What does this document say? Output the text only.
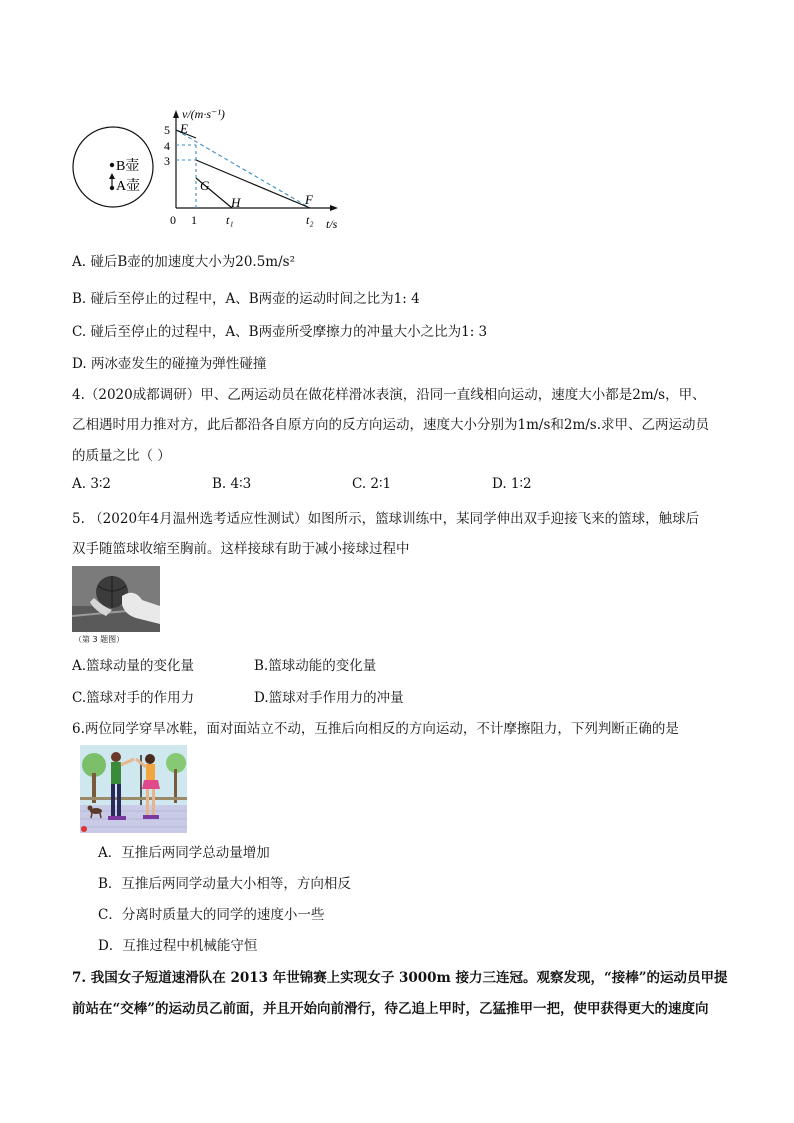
B壶
A壶
v/(m·s⁻¹)
t/s
5
4
3
0 1 t₁	t₂
E
G
H	F
A. 碰后B壶的加速度大小为20.5m/s²
B. 碰后至停止的过程中，A、B两壶的运动时间之比为1: 4
C. 碰后至停止的过程中，A、B两壶所受摩擦力的冲量大小之比为1: 3
D. 两冰壶发生的碰撞为弹性碰撞
4.（2020成都调研）甲、乙两运动员在做花样滑冰表演，沿同一直线相向运动，速度大小都是2m/s，甲、
乙相遇时用力推对方，此后都沿各自原方向的反方向运动，速度大小分别为1m/s和2m/s.求甲、乙两运动员
的质量之比（ ）
A. 3∶2	B. 4∶3	C. 2∶1	D. 1∶2
5. （2020年4月温州选考适应性测试）如图所示，篮球训练中，某同学伸出双手迎接飞来的篮球，触球后
双手随篮球收缩至胸前。这样接球有助于减小接球过程中
（第 3 题图）
A.篮球动量的变化量	B.篮球动能的变化量
C.篮球对手的作用力	D.篮球对手作用力的冲量
6.两位同学穿旱冰鞋，面对面站立不动，互推后向相反的方向运动，不计摩擦阻力，下列判断正确的是
A．互推后两同学总动量增加
B．互推后两同学动量大小相等，方向相反
C．分离时质量大的同学的速度小一些
D．互推过程中机械能守恒
7. 我国女子短道速滑队在 2013 年世锦赛上实现女子 3000m 接力三连冠。观察发现，“接棒”的运动员甲提
前站在“交棒”的运动员乙前面，并且开始向前滑行，待乙追上甲时，乙猛推甲一把，使甲获得更大的速度向
